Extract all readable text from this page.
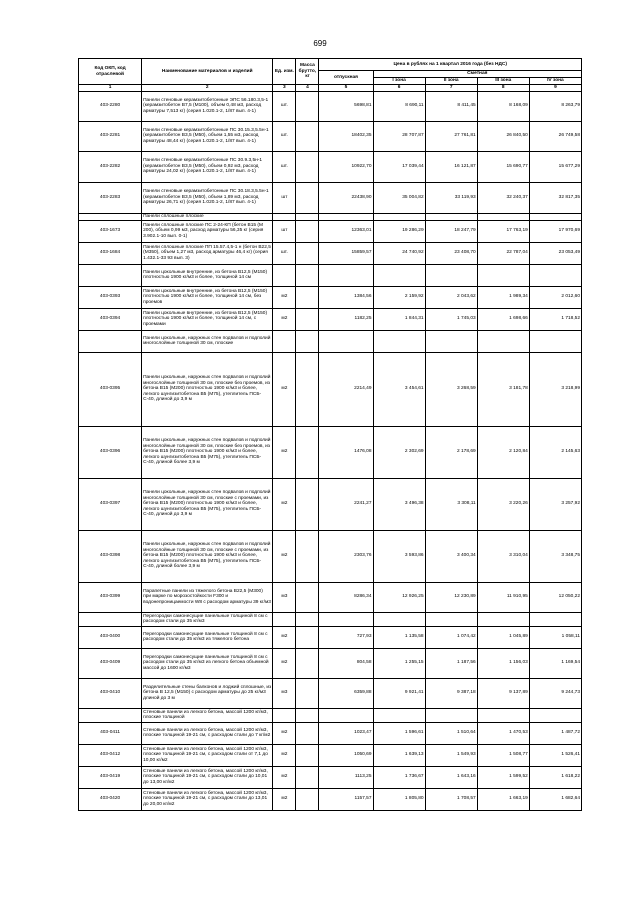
699
Код ОКП, код отраслевой	Наименование материалов и изделий	Ед. изм.	Масса брутто, кг	Цена в рублях на 1 квартал 2016 года (без НДС)				
				отпускная	Сметная			
					I зона	II зона	III зона	IV зона
1	2	3	4	5	6	7	8	9
403-2280	Панели стеновые керамзитобетонные ЭПС 56.180.3,5-1 (керамзитобетон В7,5 (М100), объем 0,48 м3, расход арматуры 7,513 кг) (серия 1.020.1-2, 1/87 вып. 4-1)	шт.		5698,81	8 690,11	8 411,45	8 168,09	8 263,79
403-2281	Панели стеновые керамзитобетонные ПС 30.15.3,5.5н-1 (керамзитобетон В3,5 (М50), объем 1,55 м3, расход арматуры 48,44 кг) (серия 1.020.1-2, 1/87 вып. 4-1)	шт.		18402,35	28 707,87	27 761,81	26 840,50	26 749,58
403-2282	Панели стеновые керамзитобетонные ПС 30.9.3,5н-1 (керамзитобетон В3,5 (М50), объем 0,92 м3, расход арматуры 24,02 кг) (серия 1.020.1-2, 1/87 вып. 4-1)	шт.		10922,70	17 039,44	16 121,87	15 690,77	15 677,29
403-2283	Панели стеновые керамзитобетонные ПС 30.18.3,5.5н-1 (керамзитобетон В3,5 (М50), объем 1,89 м3, расход арматуры 26,71 кг) (серия 1.020.1-2, 1/87 вып. 4-1)	шт		22438,90	35 004,82	33 119,93	32 240,37	32 817,35
	Панели сплошные плоские							
403-1673	Панели сплошные плоские ПС 2-24-КП (бетон В15 (М 200), объем 0,99 м3, расход арматуры 56,35 кг (серия 3.902.1-10 вып. 0-1)	шт		12363,01	19 286,29	18 247,79	17 763,19	17 970,69
403-1684	Панели сплошные плоские ПП 15.57.4,5-1 н (бетон В22,5 (М350), объем 1,27 м3, расход арматуры 46,4 кг) (серия 1.432.1-33 93 вып. 3)	шт.		15859,57	24 740,92	23 408,70	22 787,04	23 053,49
	Панели цокольные внутренние, из бетона В12,5 (М150) плотностью 1900 кг/м3 и более, толщиной 14 см							
403-0393	Панели цокольные внутренние, из бетона В12,5 (М150) плотностью 1900 кг/м3 и более, толщиной 14 см, без проемов	м2		1384,56	2 159,92	2 043,62	1 989,34	2 012,60
403-0394	Панели цокольные внутренние, из бетона В12,5 (М150) плотностью 1900 кг/м3 и более, толщиной 14 см, с проемами	м2		1182,25	1 844,31	1 745,03	1 698,66	1 718,52
	Панели цокольные, наружных стен подвалов и подполий многослойные толщиной 30 см, плоские							
403-0395	Панели цокольные, наружных стен подвалов и подполий многослойные толщиной 30 см, плоские без проемов, из бетона В15 (М200) плотностью 1900 кг/м3 и более, легкого шунгизитобетона В5 (М75), утеплитель ПСБ-С-40, длиной до 3,9 м	м2		2214,49	3 454,61	3 268,59	3 181,78	3 218,99
403-0396	Панели цокольные, наружных стен подвалов и подполий многослойные толщиной 30 см, плоские без проемов, из бетона В15 (М200) плотностью 1900 кг/м3 и более, легкого шунгизитобетона В5 (М75), утеплитель ПСБ-С-40, длиной более 3,9 м	м2		1476,08	2 302,69	2 178,69	2 120,84	2 145,63
403-0397	Панели цокольные, наружных стен подвалов и подполий многослойные толщиной 30 см, плоские с проемами, из бетона В15 (М200) плотностью 1900 кг/м3 и более, легкого шунгизитобетона В5 (М75), утеплитель ПСБ-С-40, длиной до 3,9 м	м2		2241,27	3 496,38	3 308,11	3 220,26	3 257,92
403-0398	Панели цокольные, наружных стен подвалов и подполий многослойные толщиной 30 см, плоские с проемами, из бетона В15 (М200) плотностью 1900 кг/м3 и более, легкого шунгизитобетона В5 (М75), утеплитель ПСБ-С-40, длиной более 3,9 м	м2		2303,76	3 593,86	3 400,34	3 310,04	3 348,75
403-0399	Парапетные панели из тяжелого бетона В22,5 (М300) при марке по морозостойкости F300 и водонепроницаемости W8 с расходом арматуры 39 кг/м3	м3		8286,34	12 926,25	12 230,89	11 910,95	12 050,22
	Перегородки самонесущие панельные толщиной 8 см с расходом стали до 35 кг/м3							
403-0400	Перегородки самонесущие панельные толщиной 8 см с расходом стали до 35 кг/м3 из тяжелого бетона	м2		727,93	1 135,58	1 074,42	1 045,89	1 058,11
403-0409	Перегородки самонесущие панельные толщиной 8 см с расходом стали до 35 кг/м3 из легкого бетона объемной массой до 1600 кг/м3	м2		804,58	1 255,15	1 187,56	1 156,03	1 169,54
403-0410	Разделительные стены балконов и лоджий сплошные, из бетона В 12,5 (М150) с расходом арматуры до 25 кг/м3 длиной до 3 м	м3		6359,88	9 921,41	9 387,18	9 137,89	9 244,73
	Стеновые панели из легкого бетона, массой 1200 кг/м3, плоские толщиной							
403-0411	Стеновые панели из легкого бетона, массой 1200 кг/м3, плоские толщиной 19-21 см, с расходом стали до 7 кг/м2	м2		1023,47	1 596,61	1 510,64	1 470,53	1 487,72
403-0412	Стеновые панели из легкого бетона, массой 1200 кг/м3, плоские толщиной 19-21 см, с расходом стали от 7,1 до 10,00 кг/м2	м2		1050,69	1 639,13	1 549,93	1 508,77	1 526,41
403-0419	Стеновые панели из легкого бетона, массой 1200 кг/м3, плоские толщиной 19-21 см, с расходом стали до 10,01 до 13,00 кг/м2	м2		1113,25	1 736,67	1 643,16	1 599,52	1 618,22
403-0420	Стеновые панели из легкого бетона, массой 1200 кг/м3, плоские толщиной 19-21 см, с расходом стали до 13,01 до 20,00 кг/м2	м2		1157,57	1 805,80	1 708,57	1 663,19	1 682,64
